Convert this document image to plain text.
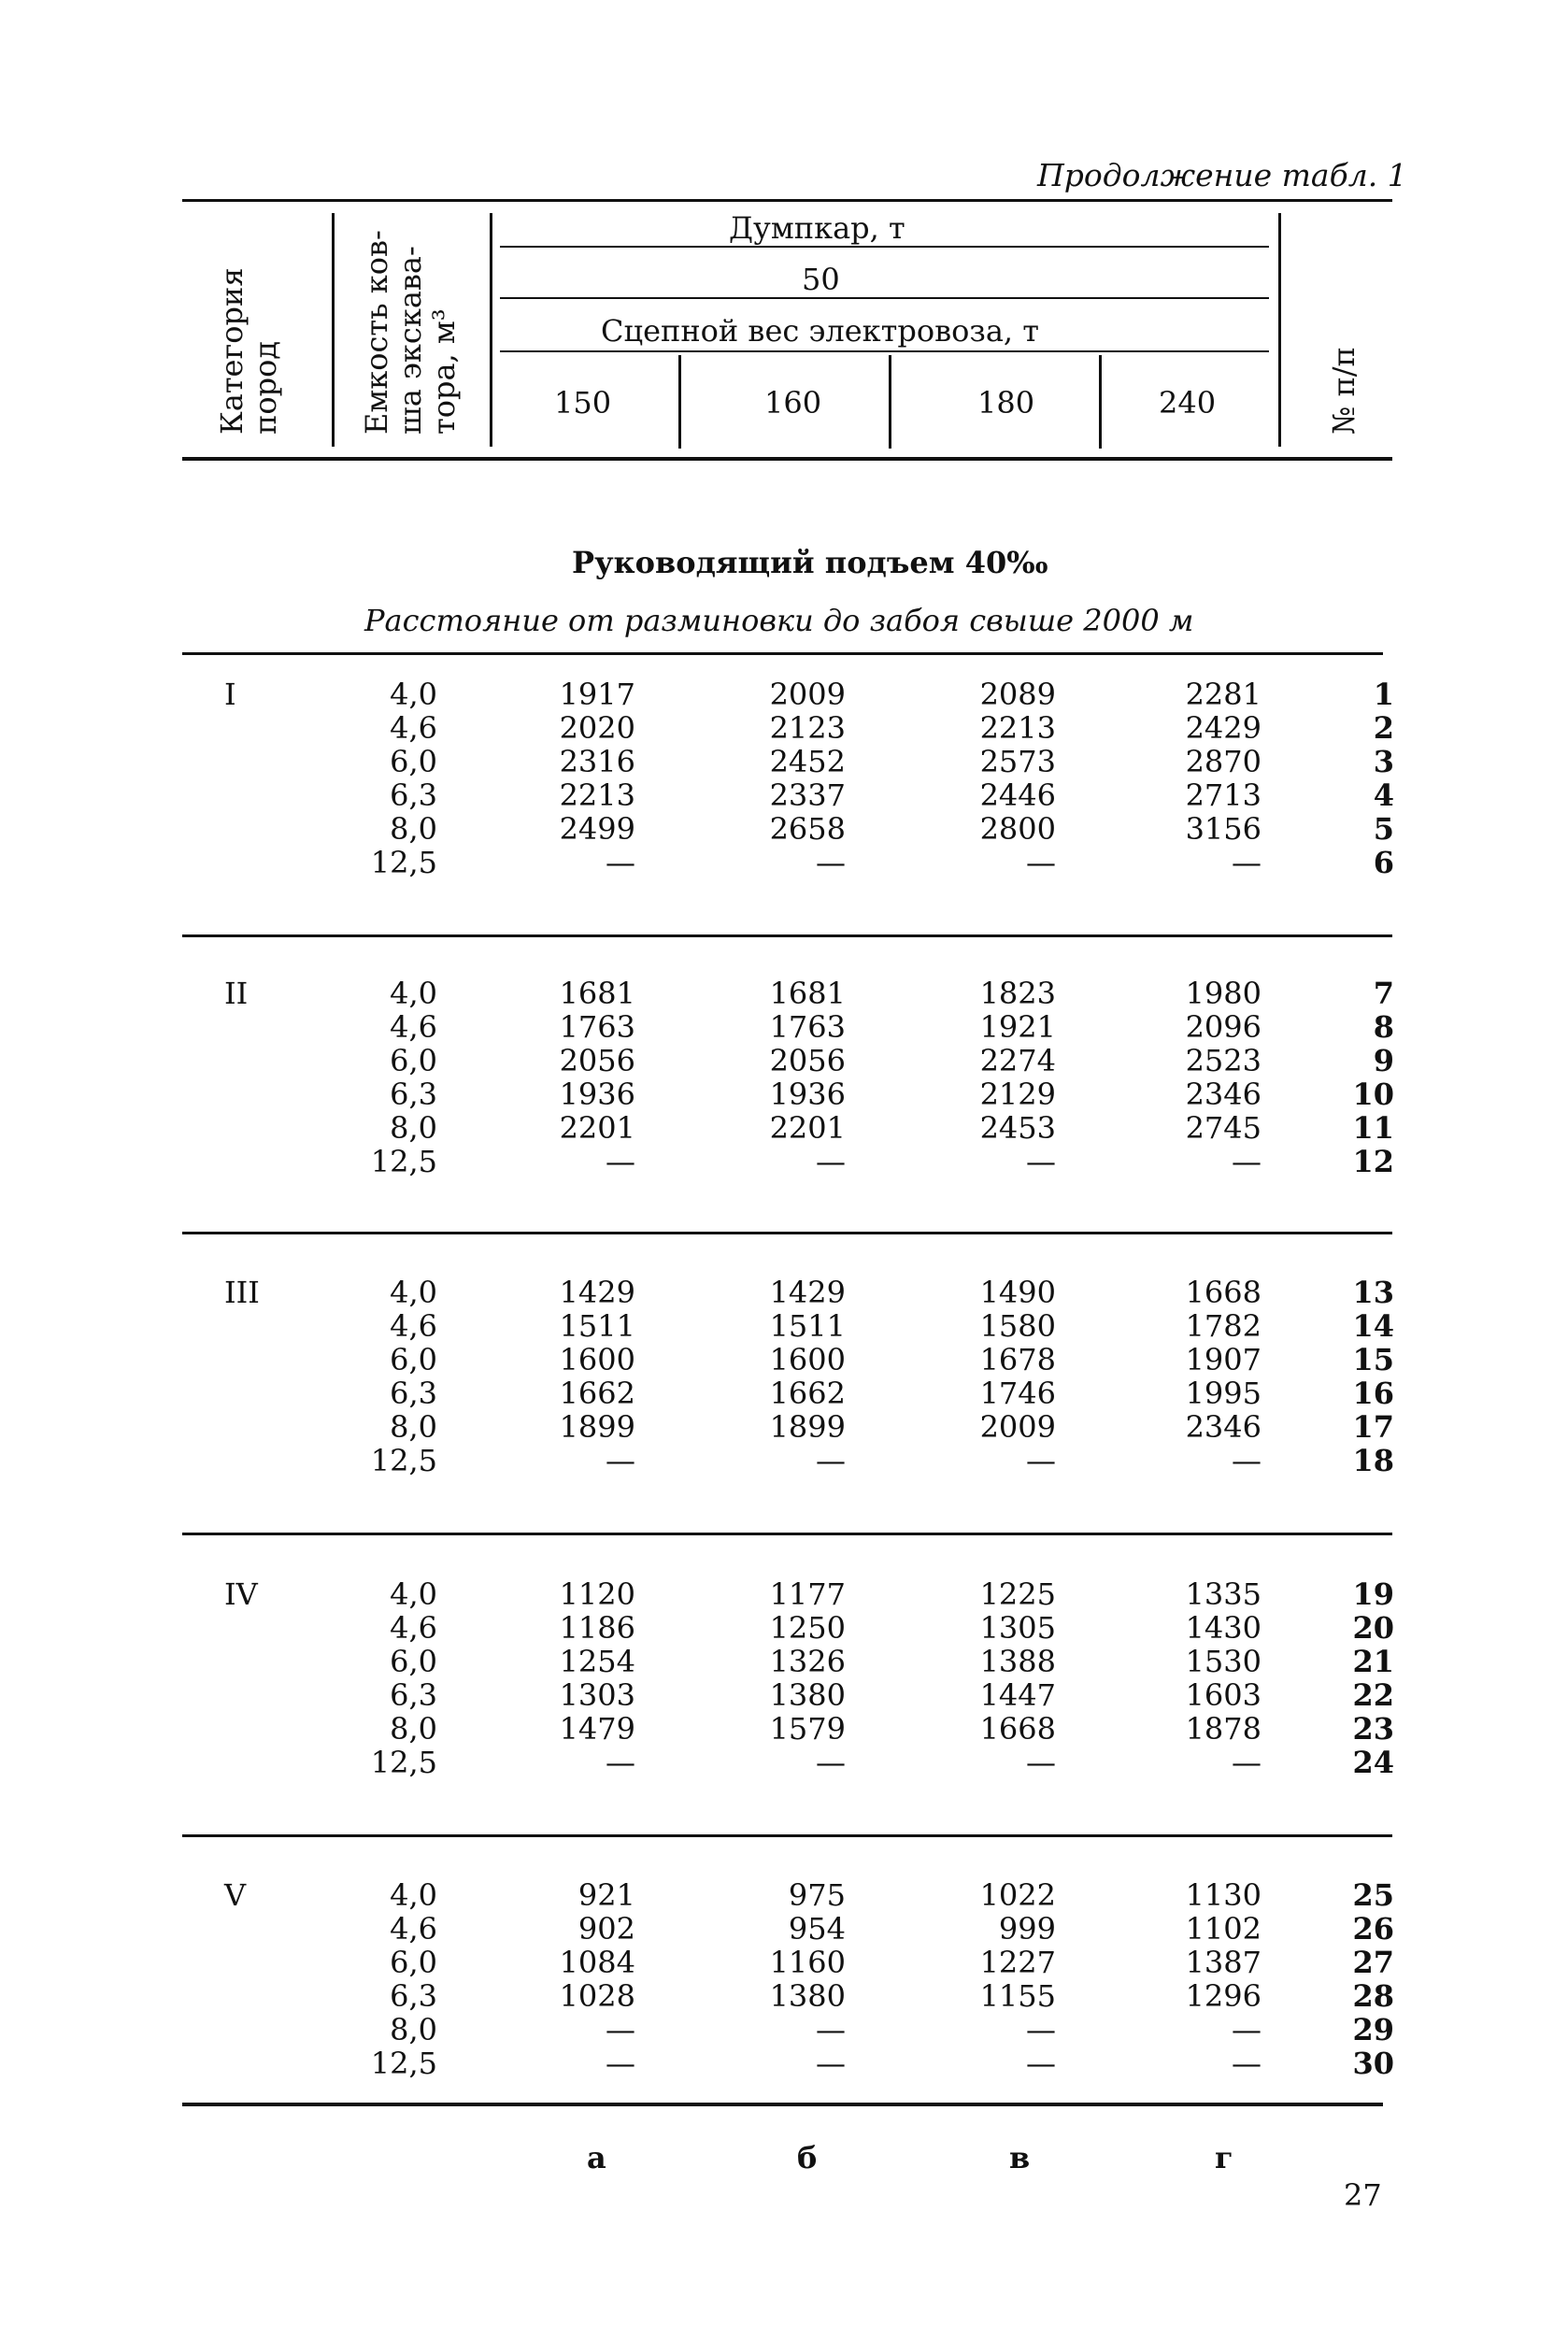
Продолжение табл. 1
Категория
пород	Емкость ков-
ша экскава-
тора, м³	№ п/п
Думпкар, т
50
Сцепной вес электровоза, т
150	160	180	240
Руководящий подъем 40‰
Расстояние от разминовки до забоя свыше 2000 м
I	4,0	1917	2009	2089	2281	1
4,6	2020	2123	2213	2429	2
6,0	2316	2452	2573	2870	3
6,3	2213	2337	2446	2713	4
8,0	2499	2658	2800	3156	5
12,5	—	—	—	—	6
II	4,0	1681	1681	1823	1980	7
4,6	1763	1763	1921	2096	8
6,0	2056	2056	2274	2523	9
6,3	1936	1936	2129	2346	10
8,0	2201	2201	2453	2745	11
12,5	—	—	—	—	12
III	4,0	1429	1429	1490	1668	13
4,6	1511	1511	1580	1782	14
6,0	1600	1600	1678	1907	15
6,3	1662	1662	1746	1995	16
8,0	1899	1899	2009	2346	17
12,5	—	—	—	—	18
IV	4,0	1120	1177	1225	1335	19
4,6	1186	1250	1305	1430	20
6,0	1254	1326	1388	1530	21
6,3	1303	1380	1447	1603	22
8,0	1479	1579	1668	1878	23
12,5	—	—	—	—	24
V	4,0	921	975	1022	1130	25
4,6	902	954	999	1102	26
6,0	1084	1160	1227	1387	27
6,3	1028	1380	1155	1296	28
8,0	—	—	—	—	29
12,5	—	—	—	—	30
а	б	в	г
27
